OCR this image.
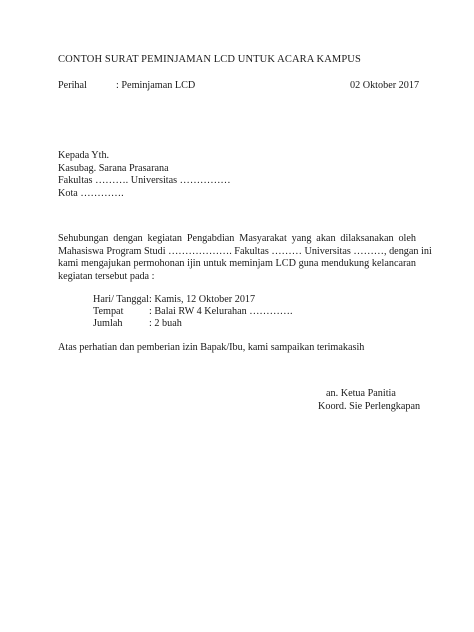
CONTOH SURAT PEMINJAMAN LCD UNTUK ACARA KAMPUS
Perihal	: Peminjaman LCD	02 Oktober 2017
Kepada Yth.
Kasubag. Sarana Prasarana
Fakultas ………. Universitas ……………
Kota ………….
Sehubungan dengan kegiatan Pengabdian Masyarakat yang akan dilaksanakan oleh
Mahasiswa Program Studi ………………. Fakultas ……… Universitas ………, dengan ini
kami mengajukan permohonan ijin untuk meminjam LCD guna mendukung kelancaran
kegiatan tersebut pada :
Hari/ Tanggal : Kamis, 12 Oktober 2017
Tempat	: Balai RW 4 Kelurahan ………….
Jumlah	: 2 buah
Atas perhatian dan pemberian izin Bapak/Ibu, kami sampaikan terimakasih
an. Ketua Panitia
Koord. Sie Perlengkapan
